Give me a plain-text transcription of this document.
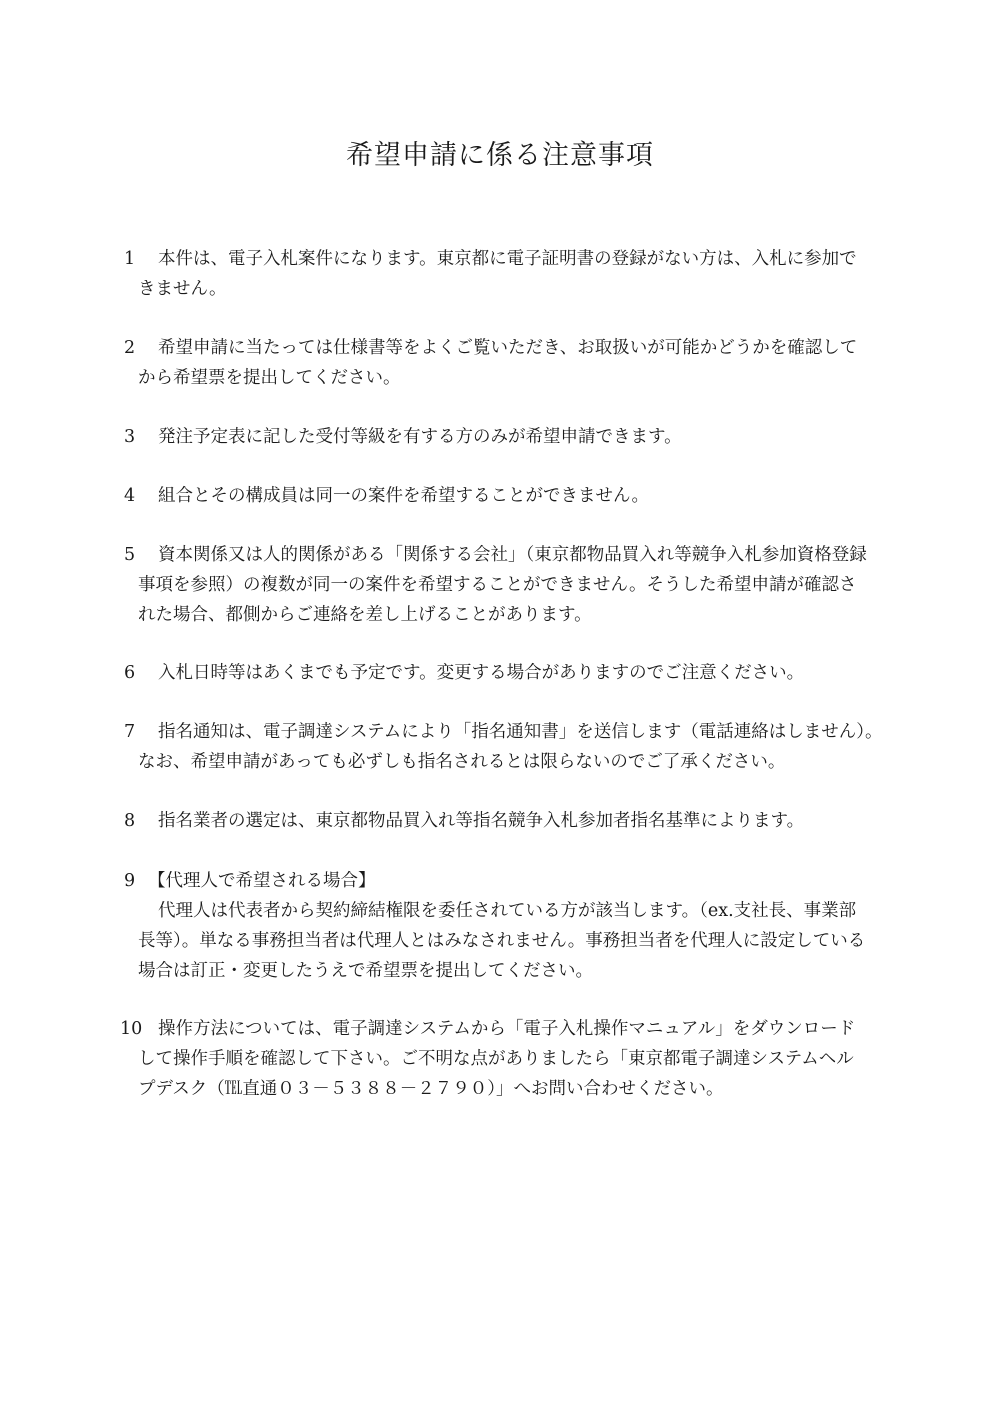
希望申請に係る注意事項
1	本件は、電子入札案件になります。東京都に電子証明書の登録がない方は、入札に参加で
きません。
2	希望申請に当たっては仕様書等をよくご覧いただき、お取扱いが可能かどうかを確認して
から希望票を提出してください。
3	発注予定表に記した受付等級を有する方のみが希望申請できます。
4	組合とその構成員は同一の案件を希望することができません。
5	資本関係又は人的関係がある「関係する会社」（東京都物品買入れ等競争入札参加資格登録
事項を参照）の複数が同一の案件を希望することができません。そうした希望申請が確認さ
れた場合、都側からご連絡を差し上げることがあります。
6	入札日時等はあくまでも予定です。変更する場合がありますのでご注意ください。
7	指名通知は、電子調達システムにより「指名通知書」を送信します（電話連絡はしません）。
なお、希望申請があっても必ずしも指名されるとは限らないのでご了承ください。
8	指名業者の選定は、東京都物品買入れ等指名競争入札参加者指名基準によります。
9 【代理人で希望される場合】
代理人は代表者から契約締結権限を委任されている方が該当します。（ex.支社長、事業部
長等）。単なる事務担当者は代理人とはみなされません。事務担当者を代理人に設定している
場合は訂正・変更したうえで希望票を提出してください。
10 操作方法については、電子調達システムから「電子入札操作マニュアル」をダウンロード
して操作手順を確認して下さい。ご不明な点がありましたら「東京都電子調達システムヘル
プデスク（℡直通０３－５３８８－２７９０）」へお問い合わせください。
